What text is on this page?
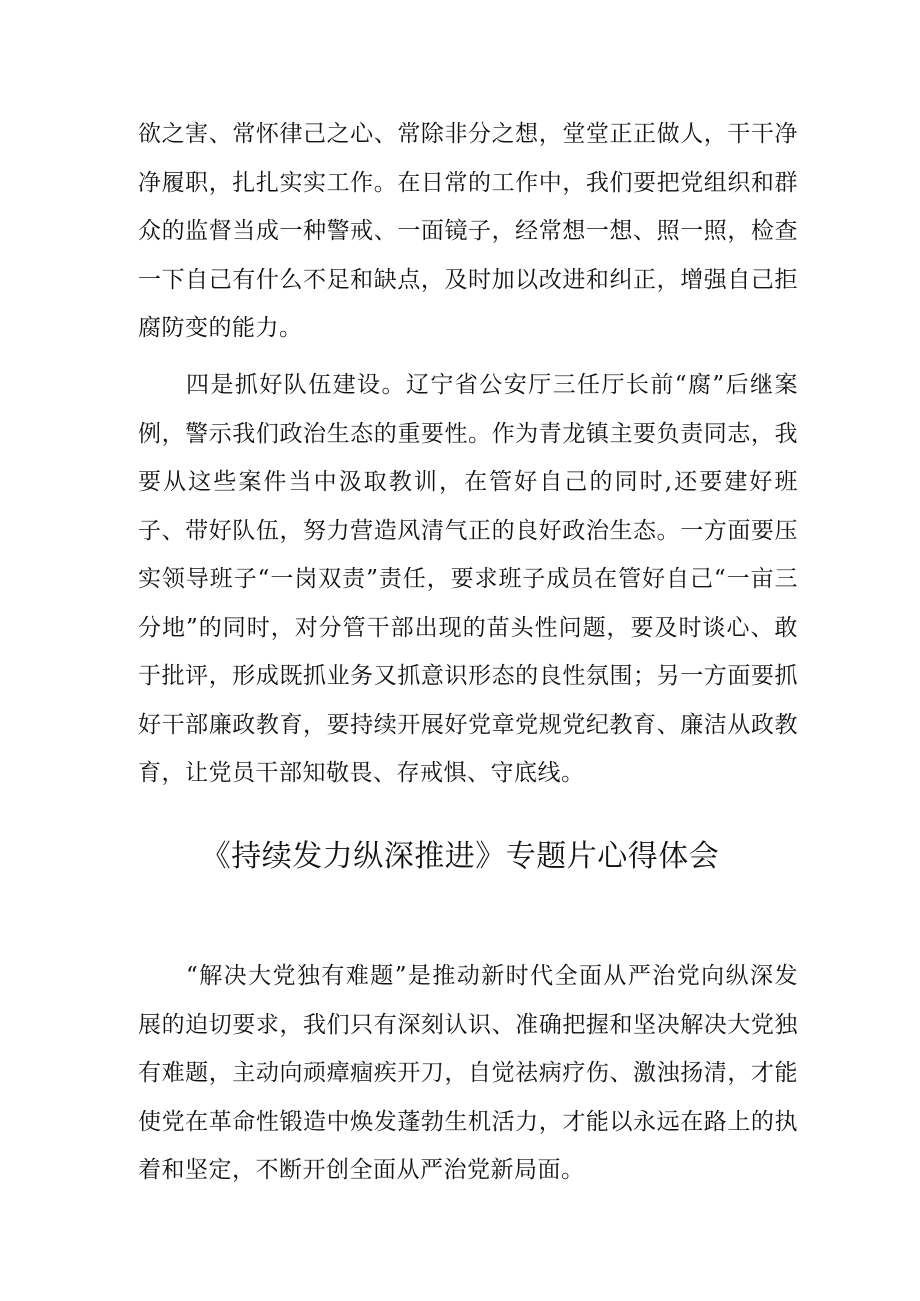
欲之害、常怀律己之心、常除非分之想，堂堂正正做人，干干净净履职，扎扎实实工作。在日常的工作中，我们要把党组织和群众的监督当成一种警戒、一面镜子，经常想一想、照一照，检查一下自己有什么不足和缺点，及时加以改进和纠正，增强自己拒腐防变的能力。

四是抓好队伍建设。辽宁省公安厅三任厅长前“腐”后继案例，警示我们政治生态的重要性。作为青龙镇主要负责同志，我要从这些案件当中汲取教训，在管好自己的同时,还要建好班子、带好队伍，努力营造风清气正的良好政治生态。一方面要压实领导班子“一岗双责”责任，要求班子成员在管好自己“一亩三分地”的同时，对分管干部出现的苗头性问题，要及时谈心、敢于批评，形成既抓业务又抓意识形态的良性氛围；另一方面要抓好干部廉政教育，要持续开展好党章党规党纪教育、廉洁从政教育，让党员干部知敬畏、存戒惧、守底线。

《持续发力纵深推进》专题片心得体会

“解决大党独有难题”是推动新时代全面从严治党向纵深发展的迫切要求，我们只有深刻认识、准确把握和坚决解决大党独有难题，主动向顽瘴痼疾开刀，自觉祛病疗伤、激浊扬清，才能使党在革命性锻造中焕发蓬勃生机活力，才能以永远在路上的执着和坚定，不断开创全面从严治党新局面。
